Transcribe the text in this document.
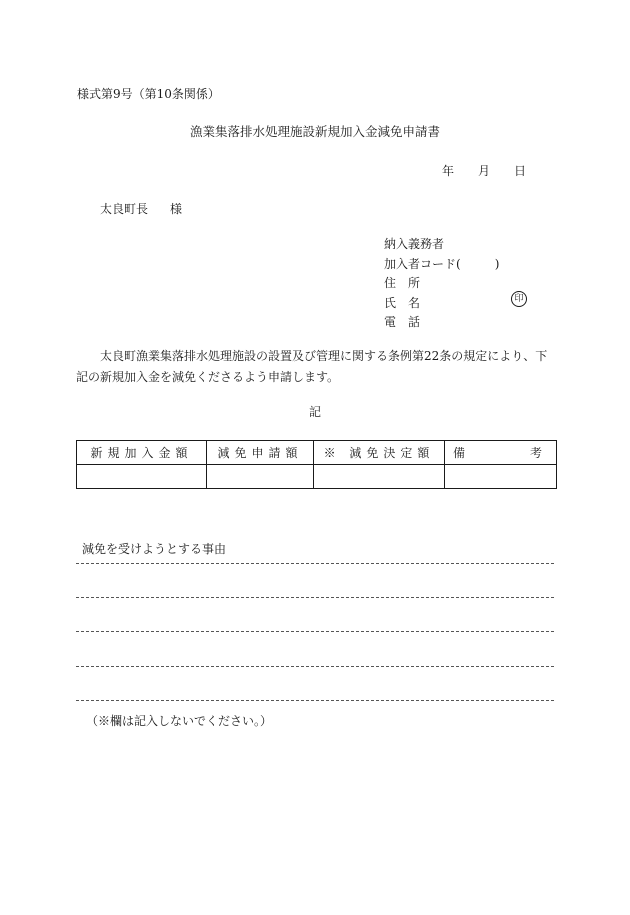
様式第9号（第10条関係）
漁業集落排水処理施設新規加入金減免申請書
年 月 日
太良町長 様
納入義務者
加入者コード(	)
住所
氏名
電話
印
太良町漁業集落排水処理施設の設置及び管理に関する条例第22条の規定により、下記の新規加入金を減免くださるよう申請します。
記
新規加入金額	減免申請額	※ 減免決定額	備 考

減免を受けようとする事由
（※欄は記入しないでください。）
